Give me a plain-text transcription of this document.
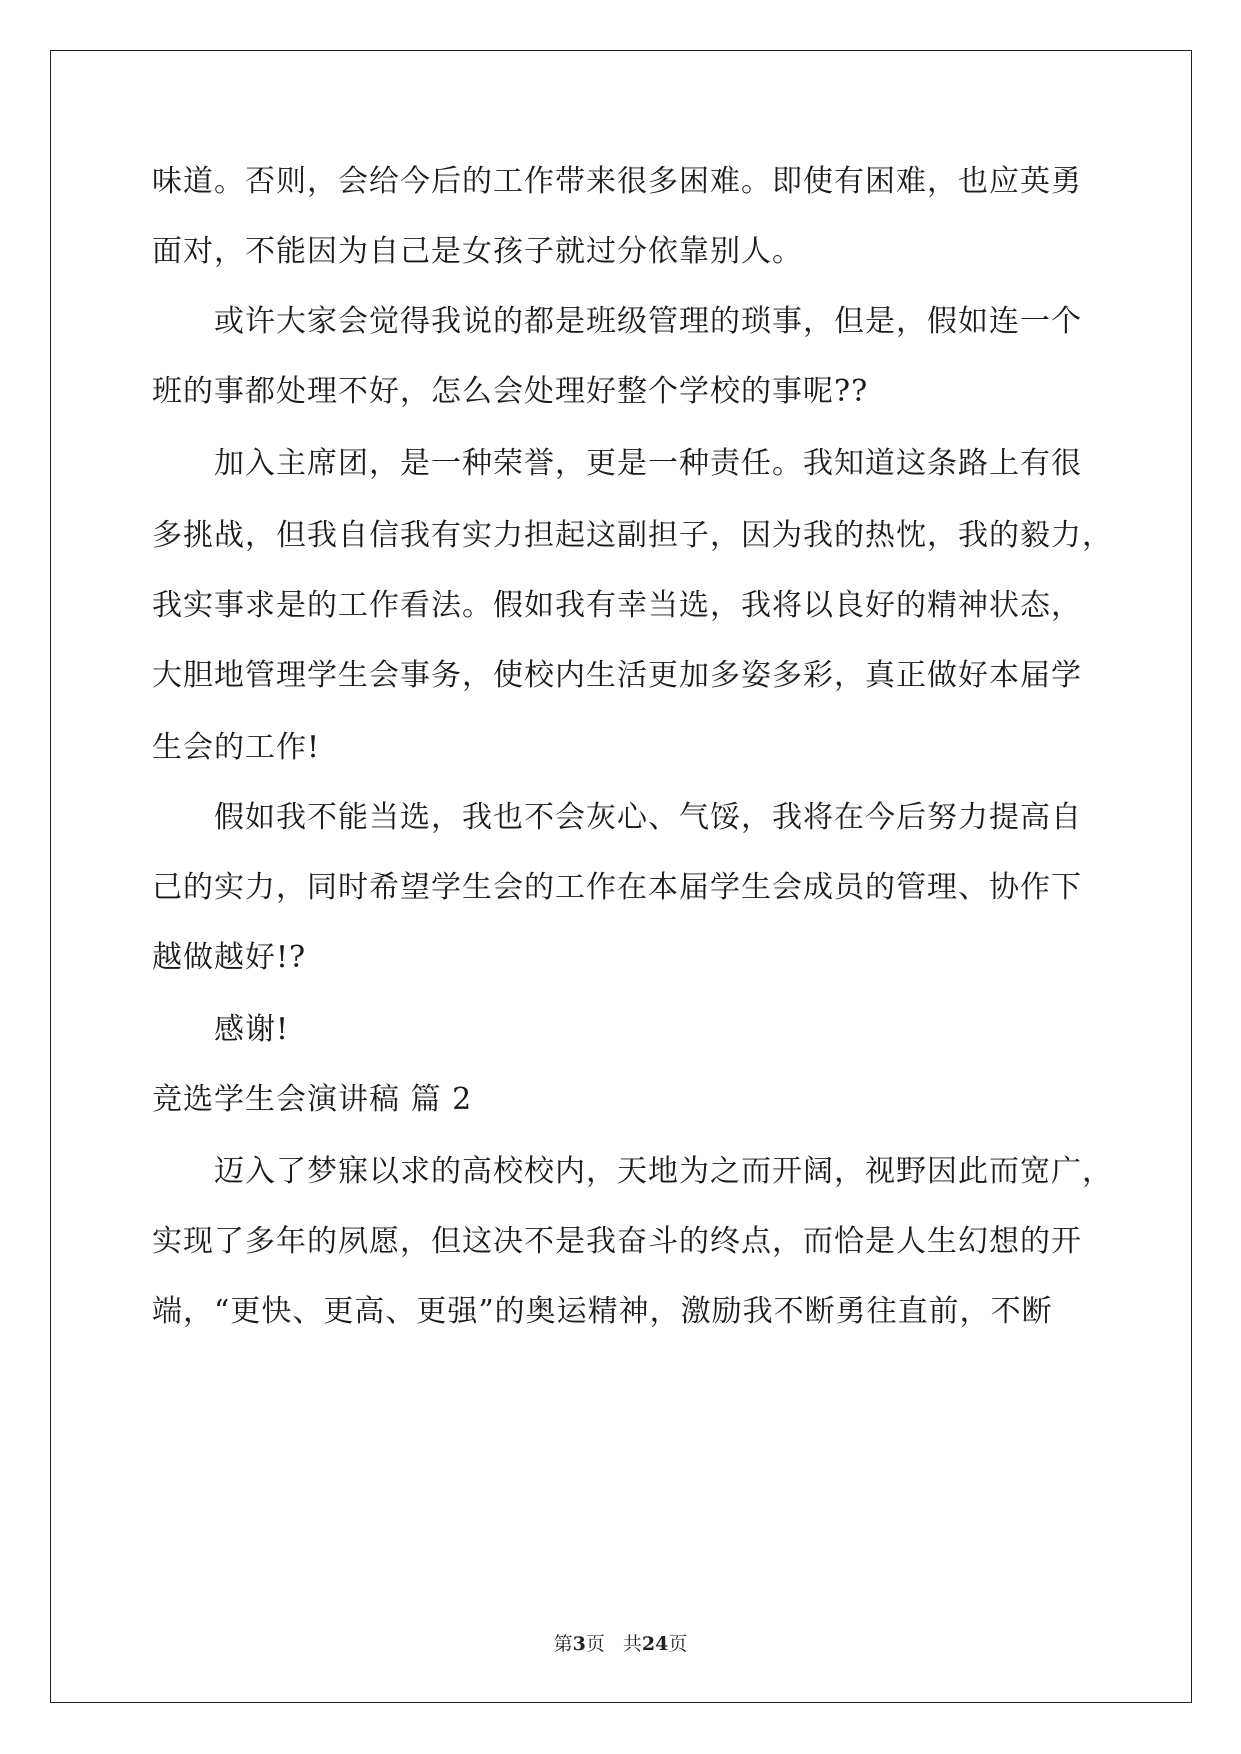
味道。否则，会给今后的工作带来很多困难。即使有困难，也应英勇
面对，不能因为自己是女孩子就过分依靠别人。
或许大家会觉得我说的都是班级管理的琐事，但是，假如连一个
班的事都处理不好，怎么会处理好整个学校的事呢??
加入主席团，是一种荣誉，更是一种责任。我知道这条路上有很
多挑战，但我自信我有实力担起这副担子，因为我的热忱，我的毅力，
我实事求是的工作看法。假如我有幸当选，我将以良好的精神状态，
大胆地管理学生会事务，使校内生活更加多姿多彩，真正做好本届学
生会的工作!
假如我不能当选，我也不会灰心、气馁，我将在今后努力提高自
己的实力，同时希望学生会的工作在本届学生会成员的管理、协作下
越做越好!?
感谢!
竞选学生会演讲稿 篇 2
迈入了梦寐以求的高校校内，天地为之而开阔，视野因此而宽广，
实现了多年的夙愿，但这决不是我奋斗的终点，而恰是人生幻想的开
端，“更快、更高、更强”的奥运精神，激励我不断勇往直前，不断
第3页 共24页
